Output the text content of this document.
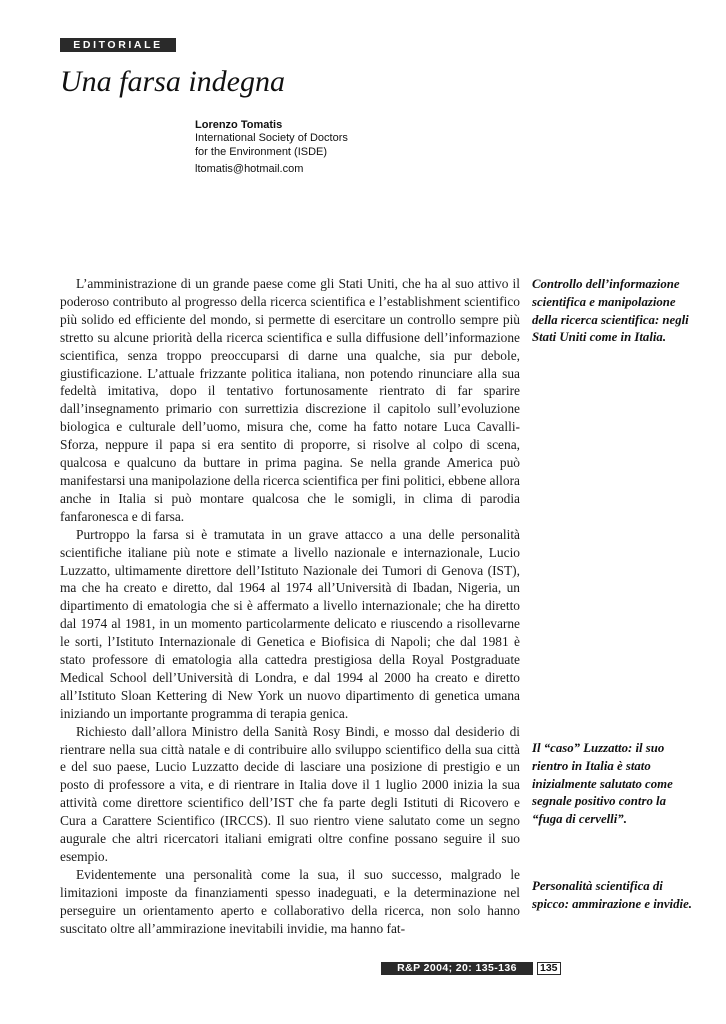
EDITORIALE
Una farsa indegna
Lorenzo Tomatis
International Society of Doctors
for the Environment (ISDE)
ltomatis@hotmail.com

L’amministrazione di un grande paese come gli Stati Uniti, che ha al suo attivo il poderoso contributo al progresso della ricerca scientifica e l’establishment scientifico più solido ed efficiente del mondo, si permette di esercitare un controllo sempre più stretto su alcune priorità della ricerca scientifica e sulla diffusione dell’informazione scientifica, senza troppo preoccuparsi di darne una qualche, sia pur debole, giustificazione. L’attuale frizzante politica italiana, non potendo rinunciare alla sua fedeltà imitativa, dopo il tentativo fortunosamente rientrato di far sparire dall’insegnamento primario con surrettizia discrezione il capitolo sull’evoluzione biologica e culturale dell’uomo, misura che, come ha fatto notare Luca Cavalli-Sforza, neppure il papa si era sentito di proporre, si risolve al colpo di scena, qualcosa e qualcuno da buttare in prima pagina. Se nella grande America può manifestarsi una manipolazione della ricerca scientifica per fini politici, ebbene allora anche in Italia si può montare qualcosa che le somigli, in clima di parodia fanfaronesca e di farsa.

Purtroppo la farsa si è tramutata in un grave attacco a una delle personalità scientifiche italiane più note e stimate a livello nazionale e internazionale, Lucio Luzzatto, ultimamente direttore dell’Istituto Nazionale dei Tumori di Genova (IST), ma che ha creato e diretto, dal 1964 al 1974 all’Università di Ibadan, Nigeria, un dipartimento di ematologia che si è affermato a livello internazionale; che ha diretto dal 1974 al 1981, in un momento particolarmente delicato e riuscendo a risollevarne le sorti, l’Istituto Internazionale di Genetica e Biofisica di Napoli; che dal 1981 è stato professore di ematologia alla cattedra prestigiosa della Royal Postgraduate Medical School dell’Università di Londra, e dal 1994 al 2000 ha creato e diretto all’Istituto Sloan Kettering di New York un nuovo dipartimento di genetica umana iniziando un importante programma di terapia genica.

Richiesto dall’allora Ministro della Sanità Rosy Bindi, e mosso dal desiderio di rientrare nella sua città natale e di contribuire allo sviluppo scientifico della sua città e del suo paese, Lucio Luzzatto decide di lasciare una posizione di prestigio e un posto di professore a vita, e di rientrare in Italia dove il 1 luglio 2000 inizia la sua attività come direttore scientifico dell’IST che fa parte degli Istituti di Ricovero e Cura a Carattere Scientifico (IRCCS). Il suo rientro viene salutato come un segno augurale che altri ricercatori italiani emigrati oltre confine possano seguire il suo esempio.

Evidentemente una personalità come la sua, il suo successo, malgrado le limitazioni imposte da finanziamenti spesso inadeguati, e la determinazione nel perseguire un orientamento aperto e collaborativo della ricerca, non solo hanno suscitato oltre all’ammirazione inevitabili invidie, ma hanno fat-

Controllo dell’informazione scientifica e manipolazione della ricerca scientifica: negli Stati Uniti come in Italia.
Il “caso” Luzzatto: il suo rientro in Italia è stato inizialmente salutato come segnale positivo contro la “fuga di cervelli”.
Personalità scientifica di spicco: ammirazione e invidie.
R&P 2004; 20: 135-136	135
